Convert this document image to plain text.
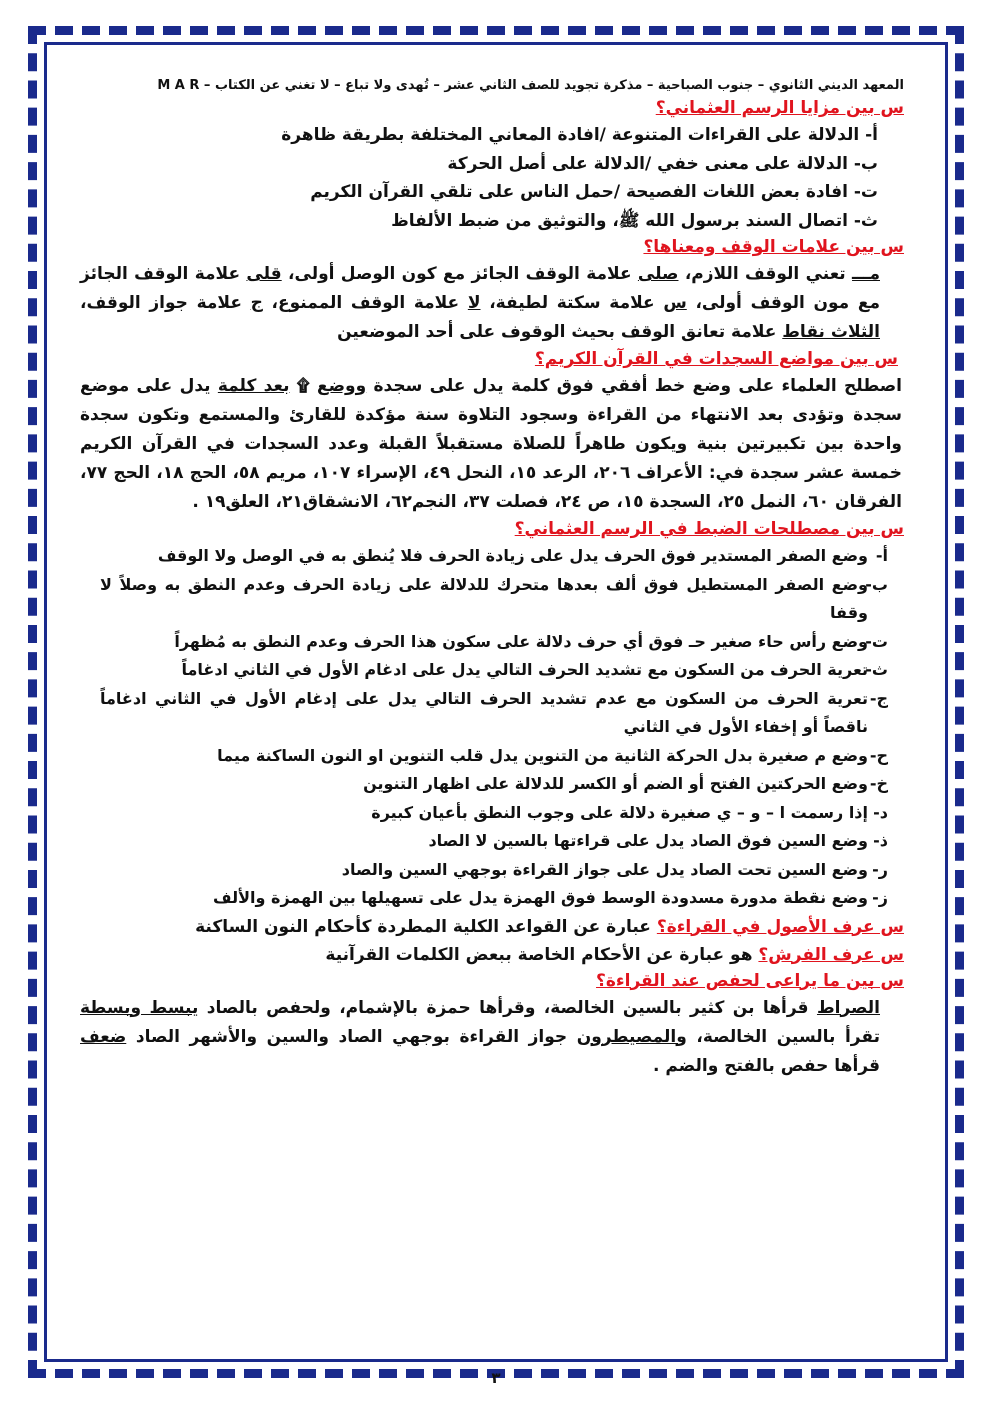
المعهد الديني الثانوي – جنوب الصباحية – مذكرة تجويد للصف الثاني عشر – تُهدى ولا تباع – لا تغني عن الكتاب – M A R
س بين مزايا الرسم العثماني؟
أ- الدلالة على القراءات المتنوعة /افادة المعاني المختلفة بطريقة ظاهرة
ب- الدلالة على معنى خفي /الدلالة على أصل الحركة
ت- افادة بعض اللغات الفصيحة /حمل الناس على تلقي القرآن الكريم
ث- اتصال السند برسول الله ﷺ، والتوثيق من ضبط الألفاظ
س بين علامات الوقف ومعناها؟
مـــ تعني الوقف اللازم، صلى علامة الوقف الجائز مع كون الوصل أولى، قلى علامة الوقف الجائز مع مون الوقف أولى، س علامة سكتة لطيفة، لا علامة الوقف الممنوع، ج علامة جواز الوقف، الثلاث نقاط علامة تعانق الوقف بحيث الوقوف على أحد الموضعين
س بين مواضع السجدات في القرآن الكريم؟
اصطلح العلماء على وضع خط أفقي فوق كلمة يدل على سجدة ووضع ۩ بعد كلمة يدل على موضع سجدة وتؤدى بعد الانتهاء من القراءة وسجود التلاوة سنة مؤكدة للقارئ والمستمع وتكون سجدة واحدة بين تكبيرتين بنية ويكون طاهراً للصلاة مستقبلاً القبلة وعدد السجدات في القرآن الكريم خمسة عشر سجدة في: الأعراف ٢٠٦، الرعد ١٥، النحل ٤٩، الإسراء ١٠٧، مريم ٥٨، الحج ١٨، الحج ٧٧، الفرقان ٦٠، النمل ٢٥، السجدة ١٥، ص ٢٤، فصلت ٣٧، النجم٦٢، الانشقاق٢١، العلق١٩ .
س بين مصطلحات الضبط في الرسم العثماني؟
أ-
وضع الصفر المستدير فوق الحرف يدل على زيادة الحرف فلا يُنطق به في الوصل ولا الوقف
ب-
وضع الصفر المستطيل فوق ألف بعدها متحرك للدلالة على زيادة الحرف وعدم النطق به وصلاً لا وقفا
ت-
وضع رأس حاء صغير حـ فوق أي حرف دلالة على سكون هذا الحرف وعدم النطق به مُظهراً
ث-
تعرية الحرف من السكون مع تشديد الحرف التالي يدل على ادغام الأول في الثاني ادغاماً
ج-
تعرية الحرف من السكون مع عدم تشديد الحرف التالي يدل على إدغام الأول في الثاني ادغاماً ناقصاً أو إخفاء الأول في الثاني
ح-
وضع م صغيرة بدل الحركة الثانية من التنوين يدل قلب التنوين او النون الساكنة ميما
خ-
وضع الحركتين الفتح أو الضم أو الكسر للدلالة على اظهار التنوين
د-
إذا رسمت ا – و – ي صغيرة دلالة على وجوب النطق بأعيان كبيرة
ذ-
وضع السين فوق الصاد يدل على قراءتها بالسين لا الصاد
ر-
وضع السين تحت الصاد يدل على جواز القراءة بوجهي السين والصاد
ز-
وضع نقطة مدورة مسدودة الوسط فوق الهمزة يدل على تسهيلها بين الهمزة والألف
س عرف الأصول في القراءة؟ عبارة عن القواعد الكلية المطردة كأحكام النون الساكنة
س عرف الفرش؟ هو عبارة عن الأحكام الخاصة ببعض الكلمات القرآنية
س بين ما يراعى لحفص عند القراءة؟
الصراط قرأها بن كثير بالسين الخالصة، وقرأها حمزة بالإشمام، ولحفص بالصاد يبسط وبسطة تقرأ بالسين الخالصة، والمصيطرون جواز القراءة بوجهي الصاد والسين والأشهر الصاد ضعف قرأها حفص بالفتح والضم .
٣
